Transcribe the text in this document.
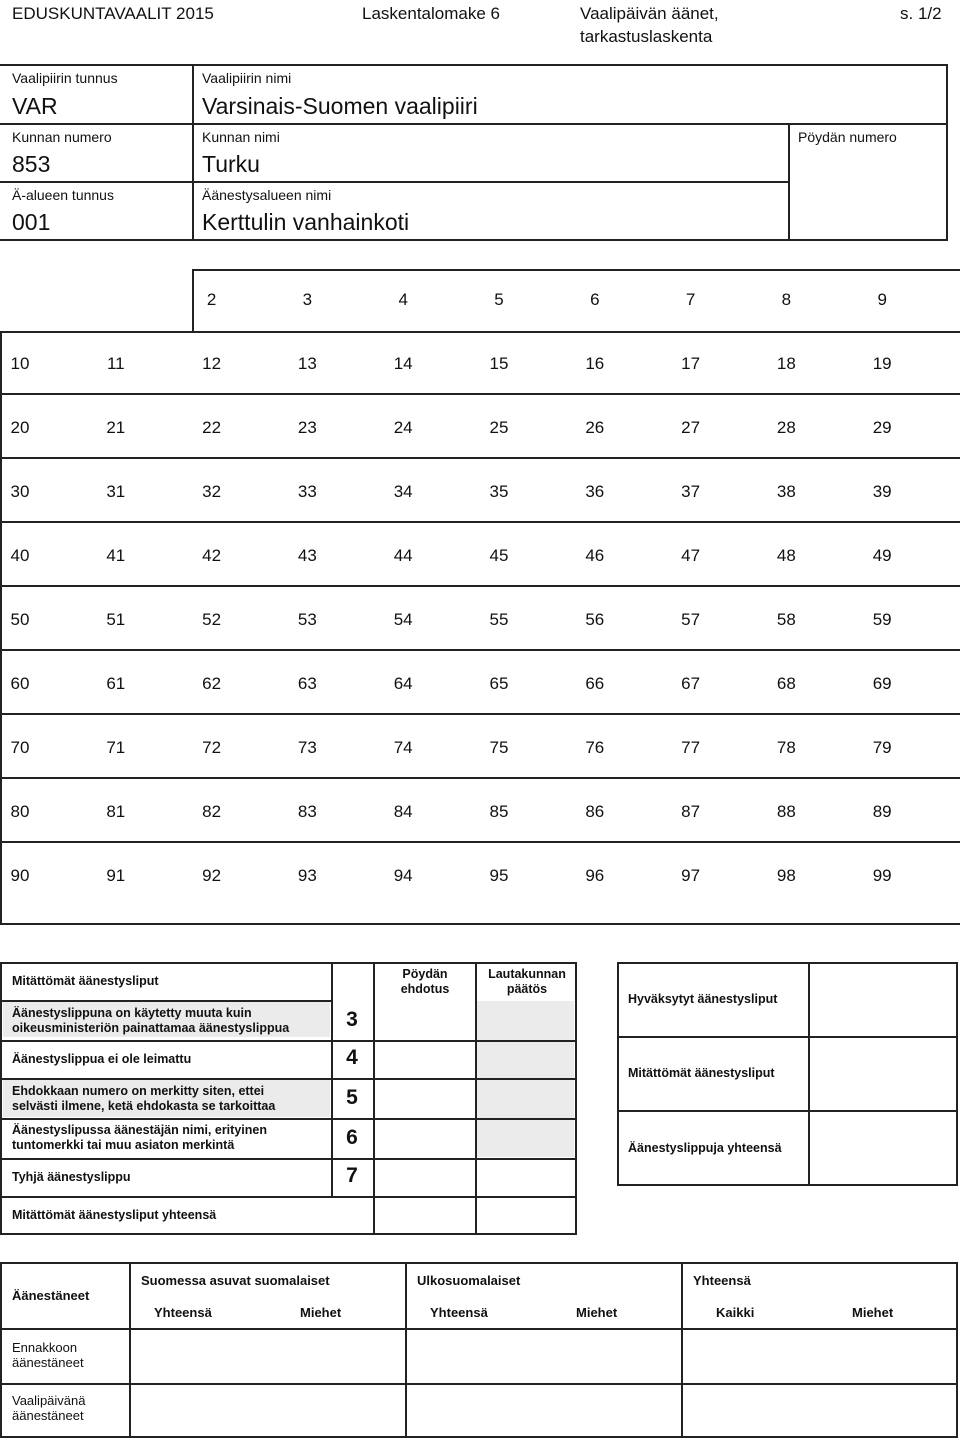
EDUSKUNTAVAALIT 2015	Laskentalomake 6	Vaalipäivän äänet,
tarkastuslaskenta
s. 1/2
Vaalipiirin tunnus
VAR
Vaalipiirin nimi
Varsinais-Suomen vaalipiiri
Kunnan numero
853
Kunnan nimi
Turku
Pöydän numero
Ä-alueen tunnus
001
Äänestysalueen nimi
Kerttulin vanhainkoti
2	3	4	5	6	7	8	9
10	11	12	13	14	15	16	17	18	19
20	21	22	23	24	25	26	27	28	29
30	31	32	33	34	35	36	37	38	39
40	41	42	43	44	45	46	47	48	49
50	51	52	53	54	55	56	57	58	59
60	61	62	63	64	65	66	67	68	69
70	71	72	73	74	75	76	77	78	79
80	81	82	83	84	85	86	87	88	89
90	91	92	93	94	95	96	97	98	99
Mitättömät äänestysliput	Pöydän
ehdotus
Lautakunnan
päätös
Äänestyslippuna on käytetty muuta kuin
oikeusministeriön painattamaa äänestyslippua	3
Äänestyslippua ei ole leimattu	4
Ehdokkaan numero on merkitty siten, ettei
selvästi ilmene, ketä ehdokasta se tarkoittaa	5
Äänestyslipussa äänestäjän nimi, erityinen
tuntomerkki tai muu asiaton merkintä	6
Tyhjä äänestyslippu	7
Mitättömät äänestysliput yhteensä
Hyväksytyt äänestysliput
Mitättömät äänestysliput
Äänestyslippuja yhteensä
Äänestäneet
Suomessa asuvat suomalaiset	Ulkosuomalaiset	Yhteensä
Yhteensä	Miehet	Yhteensä	Miehet	Kaikki	Miehet
Ennakkoon
äänestäneet
Vaalipäivänä
äänestäneet
